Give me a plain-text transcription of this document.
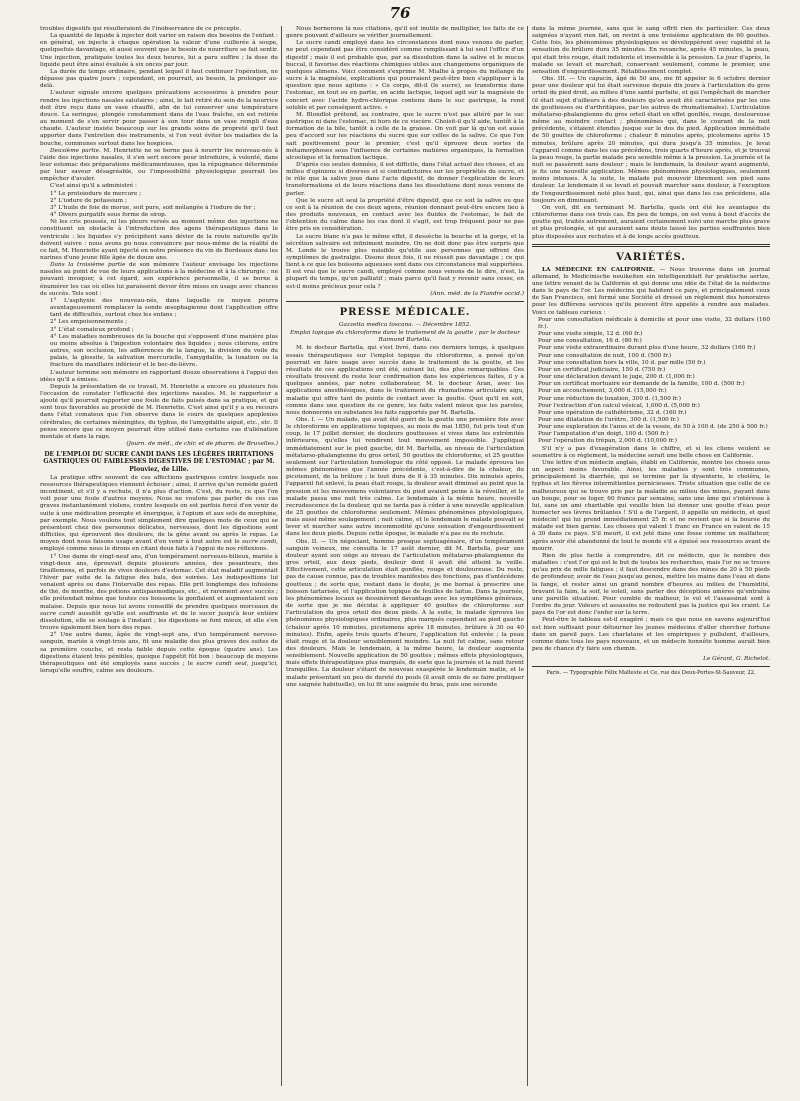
76

troubles digestifs qui résulteraient de l'inobservance de ce précepte.

La quantité de liquide à injecter doit varier en raison des besoins de l'enfant : en général, on injecte à chaque opération la valeur d'une cuillerée à soupe, quelquefois davantage, et aussi souvent que le besoin de nourriture se fait sentir. Une injection, pratiquée toutes les deux heures, lui a paru suffire ; la dose du liquide peut être ainsi évaluée à six onces par jour.

La durée du temps ordinaire, pendant lequel il faut continuer l'opération, ne dépasse pas quatre jours ; cependant, on pourrait, au besoin, la prolonger au-delà.

L'auteur signale encore quelques précautions accessoires à prendre pour rendre les injections nasales salutaires ; ainsi, le lait retiré du sein de la nourrice doit être reçu dans un vase chauffé, afin de lui conserver une température douce. La seringue, plongée constamment dans de l'eau fraîche, en est retirée au moment de s'en servir pour passer à son tour dans un vase rempli d'eau chaude. L'auteur insiste beaucoup sur les grands soins de propreté qu'il faut apporter dans l'entretien des instruments, si l'on veut éviter les maladies de la bouche, communes surtout dans les hospices.

Deuxième partie. M. Henriette ne se borne pas à nourrir les nouveau-nés à l'aide des injections nasales, il s'en sert encore pour introduire, à volonté, dans leur estomac des préparations médicamenteuses, que la répugnance déterminée par leur saveur désagréable, ou l'impossibilité physiologique pourrait les empêcher d'avaler.

C'est ainsi qu'il a administré :

1° Le protoiodure de mercure ;

2° L'iodure de potassium ;

3° L'huile de foie de morue, soit pure, soit mélangée à l'iodure de fer ;

4° Divers purgatifs sous forme de sirop.

Ni les cris poussés, ni les pleurs versés au moment même des injections ne constituent un obstacle à l'introduction des agens thérapeutiques dans le ventricule : les liquides s'y précipitent sans dévier de la route naturelle qu'ils doivent suivre : nous avons pu nous convaincre par nous-même de la réalité de ce fait, M. Henriette ayant injecté en notre présence du vin de Bordeaux dans les narines d'une jeune fille âgée de douze ans.

Dans la troisième partie de son mémoire l'auteur envisage les injections nasales au point de vue de leurs applications à la médecine et à la chirurgie : ne pouvant invoquer, à cet égard, son expérience personnelle, il se borne à énumérer les cas où elles lui paraissent devoir être mises en usage avec chances de succès. Tels sont :

1° L'asphyxie des nouveau-nés, dans laquelle ce moyen pourra avantageusement remplacer la sonde œsophagienne dont l'application offre tant de difficultés, surtout chez les enfans ;

2° Les empoisonnements ;

3° L'état comateux profond ;

4° Les maladies nombreuses de la bouche qui s'opposent d'une manière plus ou moins absolue à l'ingestion volontaire des liquides ; nous citerons, entre autres, son occlusion, les adhérences de la langue, la division du voile du palais, la glossite, la salivation mercurielle, l'amygdalite, la luxation ou la fracture du maxillaire inférieur et le bec-de-lièvre.

L'auteur termine son mémoire en rapportant douze observations à l'appui des idées qu'il a émises.

Depuis la présentation de ce travail, M. Henriette a encore eu plusieurs fois l'occasion de constater l'efficacité des injections nasales. M. le rapporteur a ajouté qu'il pourrait rapporter une foule de faits puisés dans sa pratique, et qui sont tous favorables au procédé de M. Henriette. C'est ainsi qu'il y a eu recours dans l'état comateux que l'on observe dans le cours de quelques apoplexies cérébrales, de certaines méningites, du typhus, de l'amygdalite aiguë, etc., etc. Il pense encore que ce moyen pourrait être utilisé dans certains cas d'aliénation mentale et dans la rage.

(Journ. de méd., de chir. et de pharm. de Bruxelles.)
DE L'EMPLOI DU SUCRE CANDI DANS LES LÉGÈRES IRRITATIONS GASTRIQUES OU FAIBLESSES DIGESTIVES DE L'ESTOMAC ; par M. Plouviez, de Lille.

La pratique offre souvent de ces affections gastriques contre lesquels nos ressources thérapeutiques viennent échouer ; ainsi, il arrive qu'un remède guérit incontinent, et s'il y a rechute, il n'a plus d'action. C'est, du reste, ce que l'on voit pour une foule d'autres moyens. Nous ne voulons pas parler de ces cas graves instantanément violens, contre lesquels on est parfois forcé d'en venir de suite à une médication prompte et énergique, à l'opium et aux sels de morphine, par exemple. Nous voulons tout simplement dire quelques mots de ceux qui se présentent chez des personnes délicates, nerveuses, dont les digestions sont difficiles, qui éprouvent des douleurs, de la gêne avant ou après le repas. Le moyen dont nous faisons usage avant d'en venir à tout autre est le sucre candi, employé comme nous le dirons en citant deux faits à l'appui de nos réflexions.

1° Une dame de vingt-neuf ans, d'un tempérament nerveuso-bilieux, mariée à vingt-deux ans, éprouvait depuis plusieurs années, des pesanteurs, des tiraillemens, et parfois de vives douleurs d'estomac. Cet état maladif augmentait l'hiver par suite de la fatigue des bals, des soirées. Les indispositions lui venaient après ou dans l'intervalle des repas. Elle prit longtemps des infusions de thé, de menthe, des potions antispasmodiques, etc., et rarement avec succès ; elle prétendait même que toutes ces boissons la gonflaient et augmentaient son malaise. Depuis que nous lui avons conseillé de prendre quelques morceaux de sucre candi aussitôt qu'elle est souffrante et de le sucer jusqu'à leur entière dissolution, elle se soulage à l'instant ; les digestions se font mieux, et elle s'en trouve également bien hors des repas.

2° Une autre dame, âgée de vingt-sept ans, d'un tempérament nervoso-sanguin, mariée à vingt-trois ans, fit une maladie des plus graves des suites de sa première couche, et resta faible depuis cette époque (quatre ans). Les digestions étaient très pénibles, quoique l'appétit fût bon : beaucoup de moyens thérapeutiques ont été employés sans succès ; le sucre candi seul, jusqu'ici, lorsqu'elle souffre, calme ses douleurs.

Nous bornerons là nos citations, qu'il est inutile de multiplier, les faits de ce genre pouvant d'ailleurs se vérifier journellement.

Le sucre candi employé dans les circonstances dont nous venons de parler, ne peut cependant pas être considéré comme remplissant à lui seul l'office d'un digestif ; mais il est probable que, par sa dissolution dans la salive et le mucus buccal, il favorise des réactions chimiques utiles aux changemens organiques de quelques alimens. Voici comment s'exprime M. Mialhe à propos du mélange du sucre à la magnésie, explications qui pourraient peut-être bien s'appliquer à la question que nous agitons : « Ce corps, dit-il (le sucre), se transforme dans l'estomac, en tout ou en partie, en acide lactique, lequel agit sur la magnésie de concert avec l'acide hydro-chlorique contenu dans le suc gastrique, la rend soluble et par conséquent active. »

M. Blondlot prétend, au contraire, que le sucre n'est pas altéré par le suc gastrique ni dans l'estomac, ni hors de ce viscère. Choisit-il qu'il aide, tantôt à la formation de la bile, tantôt à celle de la graisse. On voit par là qu'on est aussi peu d'accord sur les réactions du sucre que sur celles de la salive. Ce que l'on sait positivement pour le premier, c'est qu'il éprouve deux sortes de métamorphoses sous l'influence de certaines matières organiques, la formation alcoolique et la formation lactique.

D'après ces seules données, il est difficile, dans l'état actuel des choses, et au milieu d'opinions si diverses et si contradictoires sur les propriétés du sucre, et le rôle que la salive joue dans l'acte digestif, de donner l'explication de leurs transformations et de leurs réactions dans les dissolutions dont nous venons de parler.

Que le sucre ait seul la propriété d'être digestif, que ce soit la salive ou que ce soit à la réunion de ces deux agens, réunion donnant peut-être encore lieu à des produits nouveaux, en contact avec les fluides de l'estomac, le fait de l'obtention du calme dans les cas dont il s'agit, est trop fréquent pour ne pas être pris en considération.

Le sucre blanc n'a pas le même effet, il dessèche la bouche et la gorge, et la sécrétion salivaire est infiniment moindre. On ne doit donc pas être surpris que M. Londe le trouve plus nuisible qu'utile aux personnes qui offrent des symptômes de gastralgie. Disons deux fois, il ne réussit pas davantage ; ce qui tient à ce que les boissons aqueuses sont dans ces circonstances mal supportées. Il est vrai que le sucre candi, employé comme nous venons de le dire, n'est, la plupart du temps, qu'un palliatif ; mais parce qu'il faut y revenir sans cesse, en est-il moins précieux pour cela ?

(Ann. méd. de la Flandre occid.)
PRESSE MÉDICALE.
Gazzetta medica toscana. — Décembre 1852.
Emploi topique du chloroforme dans le traitement de la goutte ; par le docteur Raimond Bartella.

M. le docteur Bartella, qui s'est livré, dans ces derniers temps, à quelques essais thérapeutiques sur l'emploi topique du chloroforme, a pensé qu'on pourrait en faire usage avec succès dans le traitement de la goutte, et les résultats de ces applications ont été, suivant lui, des plus remarquables. Ces résultats trouvent du reste leur confirmation dans les expériences faites, il y a quelques années, par notre collaborateur, M. le docteur Aran, avec les applications anesthésiques, dans le traitement du rhumatisme articulaire aigu, maladie qui offre tant de points de contact avec la goutte. Quoi qu'il en soit, comme dans une question de ce genre, les faits valent mieux que les paroles, nous donnerons en substance les faits rapportés par M. Bartella.

Obs. I. — Un malade, qui avait été guéri de la goutte une première fois avec le chloroforme en applications topiques, au mois de mai 1850, fut pris tout d'un coup, le 17 juillet dernier, de douleurs goutteuses si vives dans les extrémités inférieures, qu'elles lui rendirent tout mouvement impossible. J'appliquai immédiatement sur le pied gauche, dit M. Bartella, au niveau de l'articulation métatarso-phalangienne du gros orteil, 50 gouttes de chloroforme, et 25 gouttes seulement sur l'articulation homologue du côté opposé. Le malade éprouva les mêmes phénomènes que l'année précédente, c'est-à-dire de la chaleur, du picotement, de la brûlure ; le tout dura de 8 à 35 minutes. Dix minutes après, l'appareil fut enlevé, la peau était rouge, la douleur avait diminué au point que la pression et les mouvemens volontaires du pied avaient peine à la réveiller, et le malade passa une nuit très calme. Le lendemain à la même heure, nouvelle recrudescence de la douleur, qui ne tarda pas à céder à une nouvelle application de 25 gouttes de chloroforme seulement. Mêmes phénomènes physiologiques, mais aussi même soulagement ; nuit calme, et le lendemain le malade pouvait se lever et marcher sans autre incommodité qu'une sensation d'engourdissement dans les deux pieds. Depuis cette époque, le malade n'a pas eu de rechute.

Obs. II. — Un négociant, homme presque septuagénaire, d'un tempérament sanguin veineux, me consulta le 17 août dernier, dit M. Bartella, pour une douleur ayant son siège au niveau de l'articulation métatarso-phalangienne du gros orteil, aux deux pieds, douleur dont il avait été atteint la veille. Effectivement, cette articulation était gonflée, rouge et douloureuse. Du reste, pas de cause connue, pas de troubles manifestes des fonctions, pas d'antécédens goutteux ; de sorte que, restant dans le doute, je me bornai à prescrire une boisson tartarisée, et l'application topique de feuilles de laitue. Dans la journée, les phénomènes locaux se dessinèrent davantage avec les symptômes généraux, de sorte que je me décidai à appliquer 40 gouttes de chloroforme sur l'articulation du gros orteil des deux pieds. À la suite, le malade éprouva les phénomènes physiologiques ordinaires, plus marqués cependant au pied gauche (chaleur après 10 minutes, picotemens après 18 minutes, brûlure à 30 ou 40 minutes). Enfin, après trois quarts d'heure, l'application fut enlevée ; la peau était rouge et la douleur sensiblement moindre. La nuit fut calme, sans retour des douleurs. Mais le lendemain, à la même heure, la douleur augmenta sensiblement. Nouvelle application de 50 gouttes ; mêmes effets physiologiques, mais effets thérapeutiques plus marqués, de sorte que la journée et la nuit furent tranquilles. La douleur s'étant de nouveau exaspérée le lendemain matin, et le malade présentant un peu de dureté du pouls (il avait omis de se faire pratiquer une saignée habituelle), on lui fit une saignée du bras, puis une seconde

dans la même journée, sans que le sang offrît rien de particulier. Ces deux saignées n'ayant rien fait, on revint à une troisième application de 60 gouttes. Cette fois, les phénomènes physiologiques se développèrent avec rapidité et la sensation de brûlure dura 35 minutes. En revanche, après 45 minutes, la peau, qui était très rouge, était indolente et insensible à la pression. Le jour d'après, le malade se levait et marchait, conservant seulement, comme le premier, une sensation d'engourdissement. Rétablissement complet.

Obs. III. — Un capucin, âgé de 50 ans, me fit appeler le 6 octobre dernier pour une douleur qui lui était survenue depuis dix jours à l'articulation du gros orteil du pied droit, au milieu d'une santé parfaite, et qui l'empêchait de marcher (il était sujet d'ailleurs à des douleurs qu'on avait été caractérisées par les uns de goutteuses ou d'arthritiques, par les autres de rhumatismales). L'articulation métatarso-phalangienne du gros orteil était en effet gonflée, rouge, douloureuse même au moindre contact ; phénomènes qui, dans le courant de la nuit précédente, s'étaient étendus jusque sur le dos du pied. Application immédiate de 50 gouttes de chloroforme ; chaleur 8 minutes après, picotemens après 15 minutes, brûlure après 20 minutes, qui dura jusqu'à 35 minutes. Je levai l'appareil comme dans les cas précédens, trois quarts d'heure après, et je trouvai la peau rouge, la partie malade peu sensible même à la pression. La journée et la nuit se passèrent sans douleur ; mais le lendemain, la douleur ayant augmenté, je fis une nouvelle application. Mêmes phénomènes physiologiques, seulement moins intenses. À la suite, le malade put mouvoir librement son pied sans douleur. Le lendemain il se levait et pouvait marcher sans douleur, à l'exception de l'engourdissement noté plus haut, qui, ainsi que dans les cas précédens, alla toujours en diminuant.

On voit, dit en terminant M. Bartella, quels ont été les avantages du chloroforme dans ces trois cas. En peu de temps, on est venu à bout d'accès de goutte qui, traités autrement, auraient certainement suivi une marche plus grave et plus prolongée, et qui auraient sans doute laissé les parties souffrantes bien plus disposées aux rechutes et à de longs accès goutteux.

VARIÉTÉS.

LA MÉDECINE EN CALIFORNIE. — Nous trouvons dans un journal allemand, le Medicinische neuikeiten ein intelligenzblatt fur praktische aertze, une lettre venant de la Californie et qui donne une idée de l'état de la médecine dans le pays de l'or. Les médecins qui habitent ce pays, et principalement ceux de San Francisco, ont formé une Société et dressé un règlement des honoraires pour les différens services qu'ils peuvent être appelés à rendre aux malades. Voici ce tableau curieux :

Pour une consultation médicale à domicile et pour une visite, 32 dollars (160 fr.).

Pour une visite simple, 12 d. (60 fr.)

Pour une consultation, 16 d. (80 fr.)

Pour une visite extraordinaire durant plus d'une heure, 32 dollars (160 fr.)

Pour une consultation de nuit, 100 d. (500 fr.)

Pour une consultation hors la ville, 10 d. par mille (50 fr.)

Pour un certificat judiciaire, 150 d. (750 fr.)

Pour une déclaration devant le juge, 200 d. (1,000 fr.)

Pour un certificat mortuaire sur demande de la famille, 100 d. (500 fr.)

Pour un accouchement, 3,000 d. (15,000 fr.)

Pour une réduction de luxation, 300 d. (1,500 fr.)

Pour l'extraction d'un calcul vésical, 1,000 d. (5,000 fr.)

Pour une opération de cathétérisme, 32 d. (160 fr.)

Pour une dilatation de l'urètre, 300 d. (1,500 fr.)

Pour une exploration de l'anus et de la vessie, de 50 à 100 d. (de 250 à 500 fr.)

Pour l'amputation d'un doigt, 100 d. (500 fr.)

Pour l'opération du trépan, 2,000 d. (10,000 fr.)

S'il n'y a pas d'exagération dans le chiffre, et si les cliens veulent se soumettre à ce règlement, la médecine serait une belle chose en Californie.

Une lettre d'un médecin anglais, établi en Californie, montre les choses sous un aspect moins favorable. Ainsi, les maladies y sont très communes, principalement la diarrhée, qui se termine par la dysenterie, le choléra, le typhus et les fièvres intermittentes pernicieuses. Triste situation que celle de ce malheureux qui se trouve pris par la maladie au milieu des mines, payant dans un bouge, pour se loger, 60 francs par semaine, sans une âme qui s'intéresse à lui, sans un ami charitable qui veuille bien lui donner une goutte d'eau pour humecter ses lèvres brûlantes ! S'il a de l'argent, il appelle un médecin, et quel médecin! qui lui prend immédiatement 25 fr. et ne revient que si la bourse du malade est bien garnie. Les choses qui valent 1 franc en France en valent de 15 à 30 dans ce pays. S'il meurt, il est jeté dans une fosse comme un malfaiteur, après avoir été abandonné de tout le monde s'il a épuisé ses ressources avant de mourir.

Rien de plus facile à comprendre, dit ce médecin, que le nombre des maladies : c'est l'or qui est le but de toutes les recherches, mais l'or ne se trouve qu'au prix de mille fatigues ; il faut descendre dans des mines de 20 à 50 pieds de profondeur, avoir de l'eau jusqu'au genou, mettre les mains dans l'eau et dans la fange, et rester ainsi un grand nombre d'heures au milieu de l'humidité, bravant la faim, la soif, le soleil, sans parler des déceptions amères qu'entraîne une pareille situation. Pour comble de malheur, le vol et l'assassinat sont à l'ordre du jour. Voleurs et assassins ne redoutent pas la justice qui les craint. Le pays de l'or est donc l'enfer sur la terre.

Peut-être le tableau est-il exagéré ; mais ce que nous en savons aujourd'hui est bien suffisant pour détourner les jeunes médecins d'aller chercher fortune dans un pareil pays. Les charlatans et les empiriques y pullulent, d'ailleurs, comme dans tous les pays nouveaux, et un médecin honnête homme aurait bien peu de chance d'y faire son chemin.

Le Gérant, G. Richelot.
Paris. — Typographie Félix Malteste et Ce, rue des Deux-Portes-St-Sauveur, 22.
